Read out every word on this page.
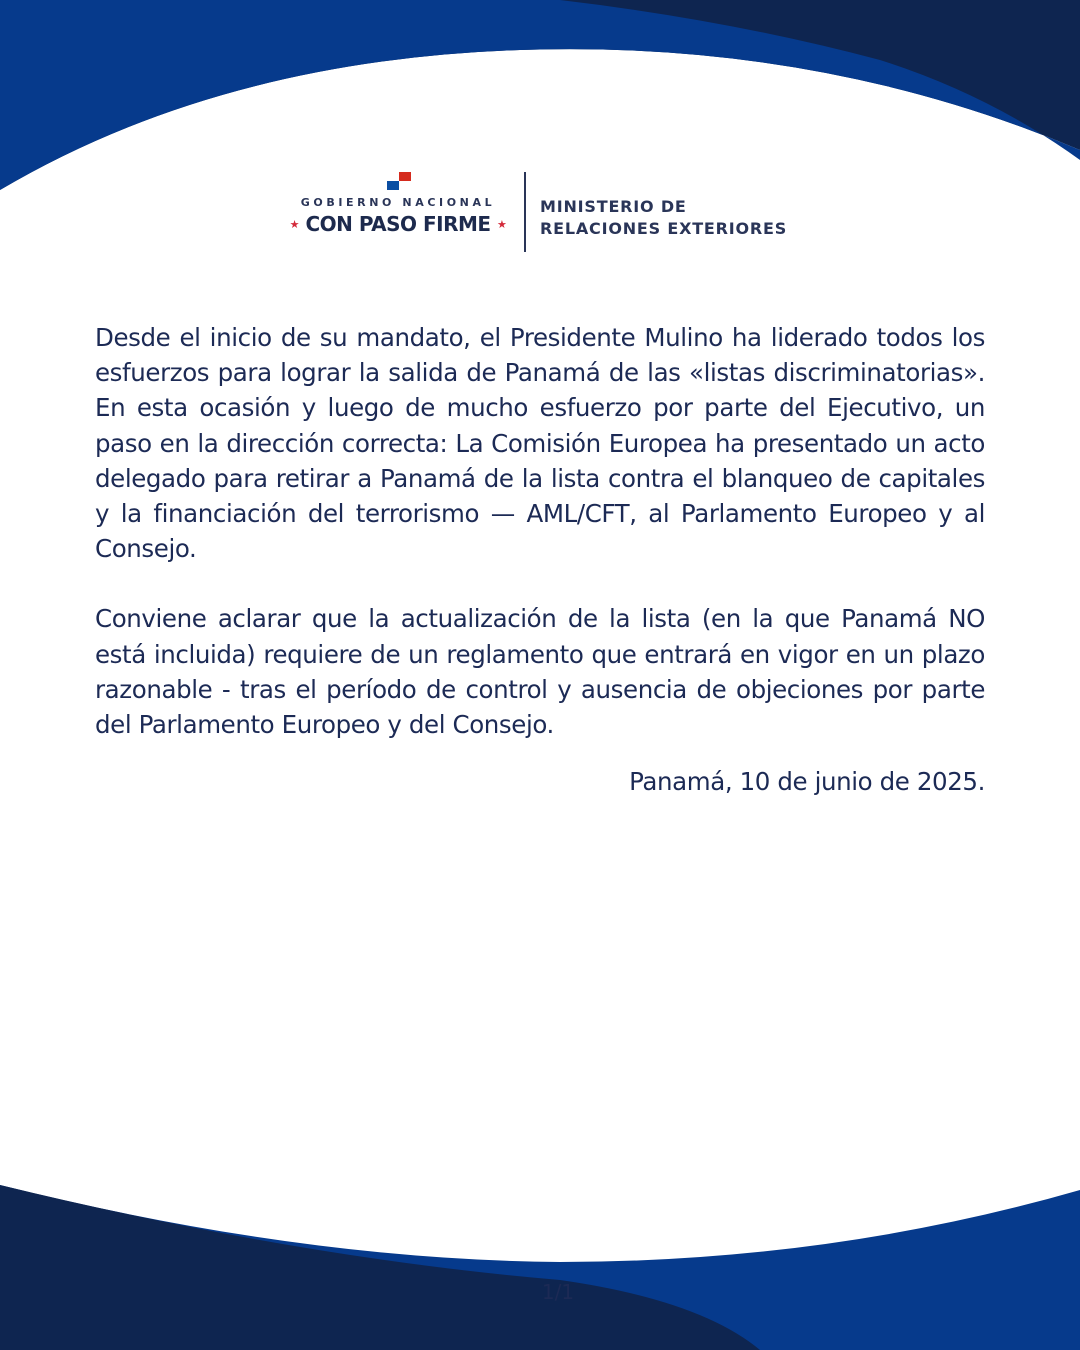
GOBIERNO NACIONAL
★ CON PASO FIRME ★
MINISTERIO DE
RELACIONES EXTERIORES

Desde el inicio de su mandato, el Presidente Mulino ha liderado todos los esfuerzos para lograr la salida de Panamá de las «listas discriminatorias». En esta ocasión y luego de mucho esfuerzo por parte del Ejecutivo, un paso en la dirección correcta: La Comisión Europea ha presentado un acto delegado para retirar a Panamá de la lista contra el blanqueo de capitales y la financiación del terrorismo — AML/CFT, al Parlamento Europeo y al Consejo.

Conviene aclarar que la actualización de la lista (en la que Panamá NO está incluida) requiere de un reglamento que entrará en vigor en un plazo razonable - tras el período de control y ausencia de objeciones por parte del Parlamento Europeo y del Consejo.

Panamá, 10 de junio de 2025.

1/1
